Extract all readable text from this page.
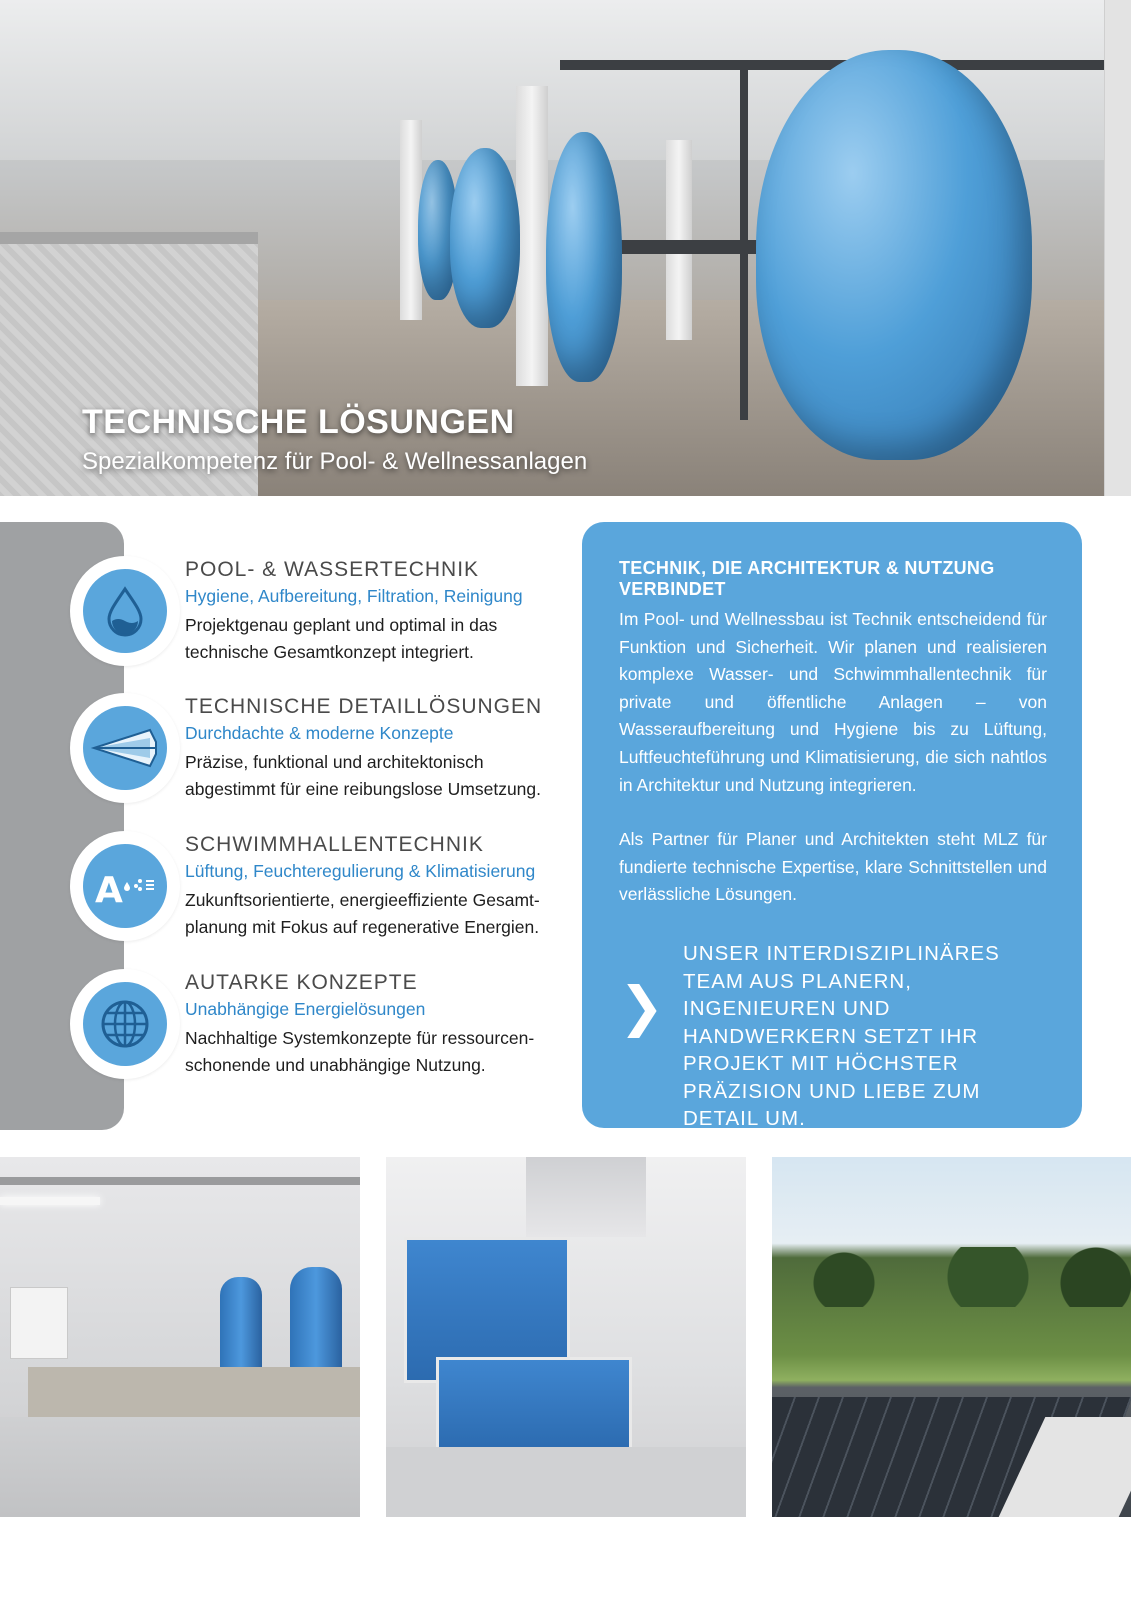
TECHNISCHE LÖSUNGEN

Spezialkompetenz für Pool- & Wellnessanlagen

POOL- & WASSERTECHNIK

Hygiene, Aufbereitung, Filtration, Reinigung

Projektgenau geplant und optimal in das technische Gesamtkonzept integriert.

TECHNISCHE DETAILLÖSUNGEN

Durchdachte & moderne Konzepte

Präzise, funktional und architektonisch abgestimmt für eine reibungslose Umsetzung.

A

SCHWIMMHALLENTECHNIK

Lüftung, Feuchteregulierung & Klimatisierung

Zukunftsorientierte, energieeffiziente Gesamt-planung mit Fokus auf regenerative Energien.

AUTARKE KONZEPTE

Unabhängige Energielösungen

Nachhaltige Systemkonzepte für ressourcen-schonende und unabhängige Nutzung.

TECHNIK, DIE ARCHITEKTUR & NUTZUNG VERBINDET

Im Pool- und Wellnessbau ist Technik entscheidend für Funktion und Sicherheit. Wir planen und realisieren komplexe Wasser- und Schwimmhallentechnik für private und öffentliche Anlagen – von Wasseraufbereitung und Hygiene bis zu Lüftung, Luftfeuchteführung und Klimatisierung, die sich nahtlos in Architektur und Nutzung integrieren.

Als Partner für Planer und Architekten steht MLZ für fundierte technische Expertise, klare Schnittstellen und verlässliche Lösungen.

❯

UNSER INTERDISZIPLINÄRES TEAM AUS PLANERN, INGENIEUREN UND HANDWERKERN SETZT IHR PROJEKT MIT HÖCHSTER PRÄZISION UND LIEBE ZUM DETAIL UM.
